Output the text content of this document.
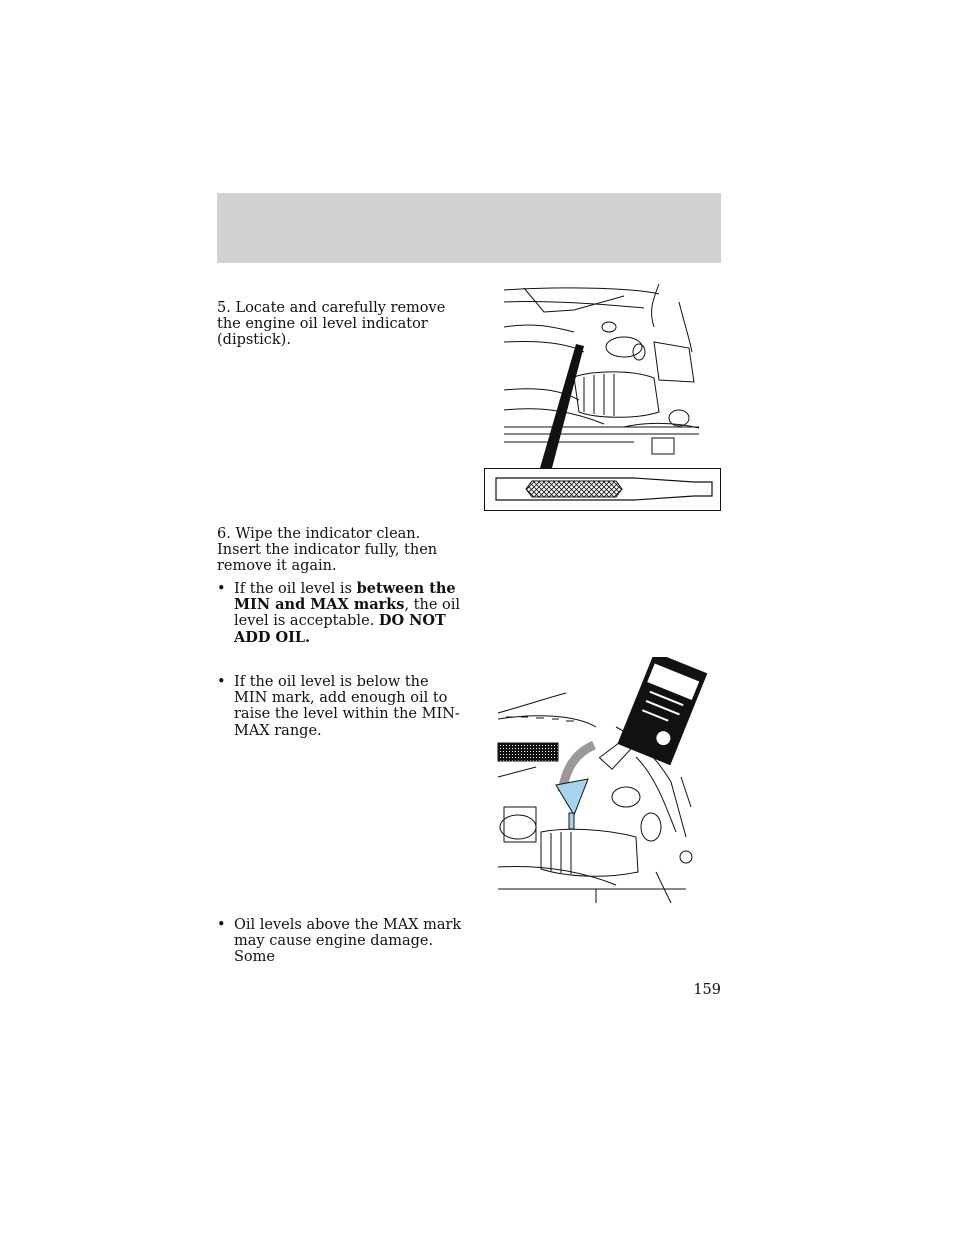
5. Locate and carefully remove the engine oil level indicator (dipstick).
6. Wipe the indicator clean. Insert the indicator fully, then remove it again.
• If the oil level is between the MIN and MAX marks, the oil level is acceptable. DO NOT ADD OIL.
• If the oil level is below the MIN mark, add enough oil to raise the level within the MIN-MAX range.
• Oil levels above the MAX mark may cause engine damage. Some
159
